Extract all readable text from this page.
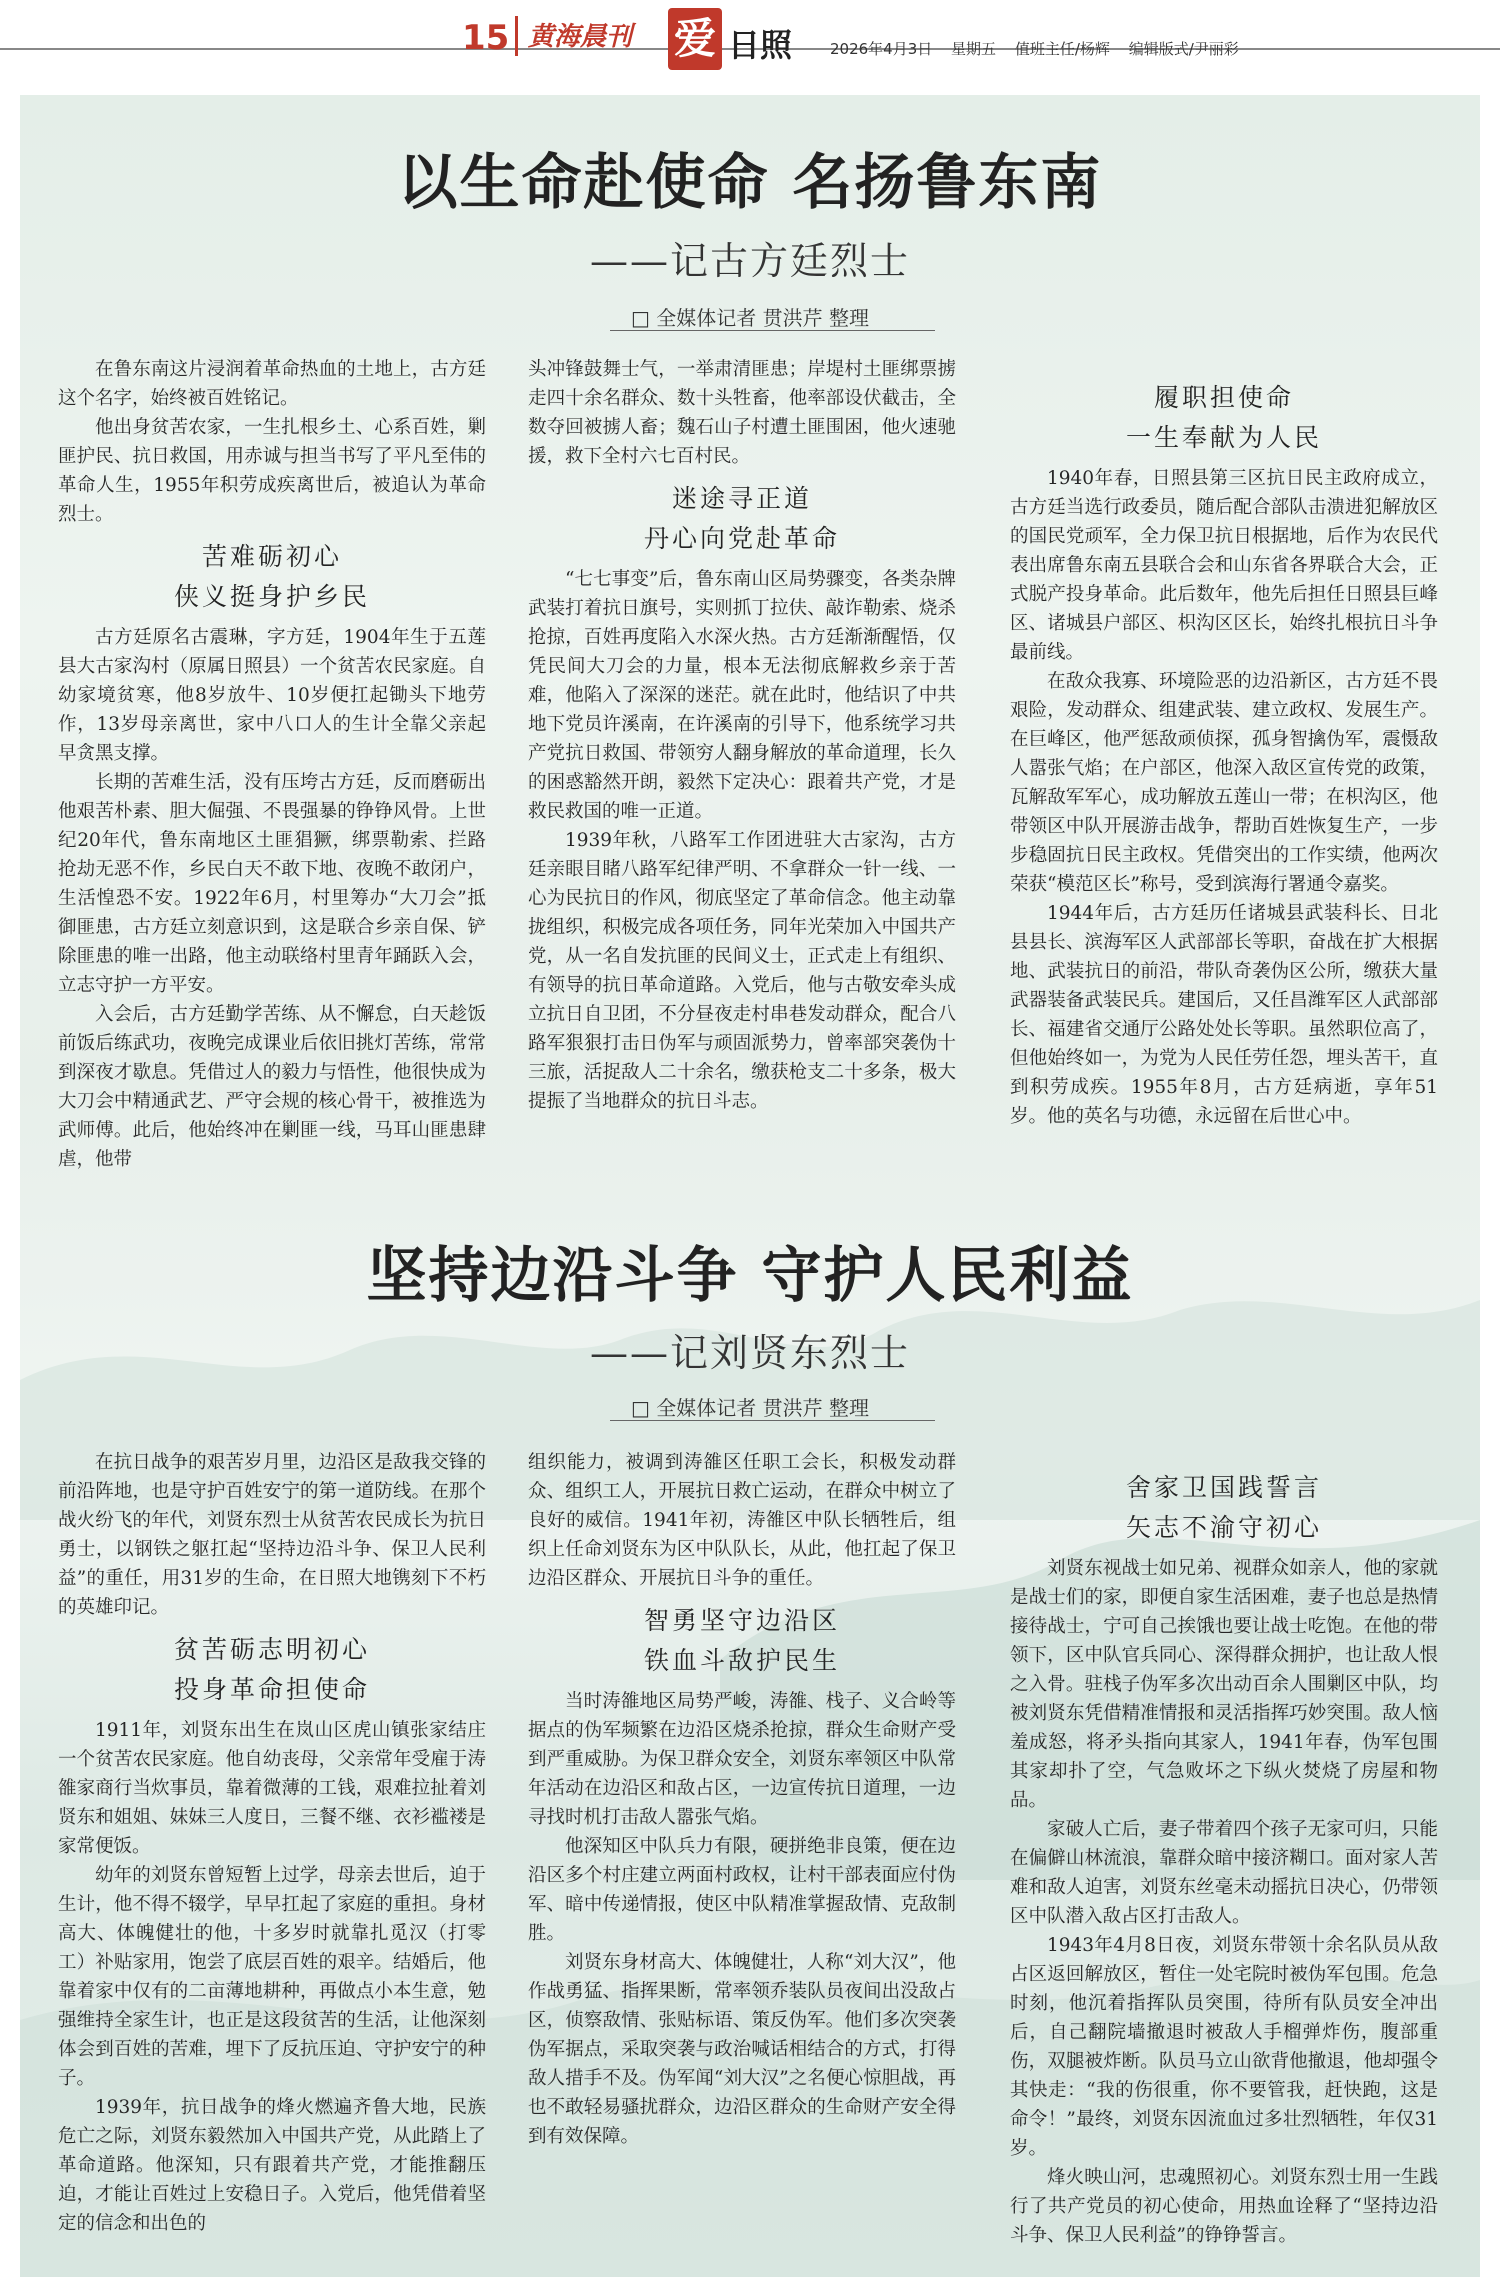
15 黄海晨刊 爱 日照	2026年4月3日 星期五 值班主任/杨辉 编辑版式/尹丽彩
以生命赴使命 名扬鲁东南
——记古方廷烈士
□ 全媒体记者 贯洪芹 整理

在鲁东南这片浸润着革命热血的土地上，古方廷这个名字，始终被百姓铭记。

他出身贫苦农家，一生扎根乡土、心系百姓，剿匪护民、抗日救国，用赤诚与担当书写了平凡至伟的革命人生，1955年积劳成疾离世后，被追认为革命烈士。

苦难砺初心
侠义挺身护乡民

古方廷原名古震琳，字方廷，1904年生于五莲县大古家沟村（原属日照县）一个贫苦农民家庭。自幼家境贫寒，他8岁放牛、10岁便扛起锄头下地劳作，13岁母亲离世，家中八口人的生计全靠父亲起早贪黑支撑。

长期的苦难生活，没有压垮古方廷，反而磨砺出他艰苦朴素、胆大倔强、不畏强暴的铮铮风骨。上世纪20年代，鲁东南地区土匪猖獗，绑票勒索、拦路抢劫无恶不作，乡民白天不敢下地、夜晚不敢闭户，生活惶恐不安。1922年6月，村里筹办“大刀会”抵御匪患，古方廷立刻意识到，这是联合乡亲自保、铲除匪患的唯一出路，他主动联络村里青年踊跃入会，立志守护一方平安。

入会后，古方廷勤学苦练、从不懈怠，白天趁饭前饭后练武功，夜晚完成课业后依旧挑灯苦练，常常到深夜才歇息。凭借过人的毅力与悟性，他很快成为大刀会中精通武艺、严守会规的核心骨干，被推选为武师傅。此后，他始终冲在剿匪一线，马耳山匪患肆虐，他带

头冲锋鼓舞士气，一举肃清匪患；岸堤村土匪绑票掳走四十余名群众、数十头牲畜，他率部设伏截击，全数夺回被掳人畜；魏石山子村遭土匪围困，他火速驰援，救下全村六七百村民。

迷途寻正道
丹心向党赴革命

“七七事变”后，鲁东南山区局势骤变，各类杂牌武装打着抗日旗号，实则抓丁拉伕、敲诈勒索、烧杀抢掠，百姓再度陷入水深火热。古方廷渐渐醒悟，仅凭民间大刀会的力量，根本无法彻底解救乡亲于苦难，他陷入了深深的迷茫。就在此时，他结识了中共地下党员许溪南，在许溪南的引导下，他系统学习共产党抗日救国、带领穷人翻身解放的革命道理，长久的困惑豁然开朗，毅然下定决心：跟着共产党，才是救民救国的唯一正道。

1939年秋，八路军工作团进驻大古家沟，古方廷亲眼目睹八路军纪律严明、不拿群众一针一线、一心为民抗日的作风，彻底坚定了革命信念。他主动靠拢组织，积极完成各项任务，同年光荣加入中国共产党，从一名自发抗匪的民间义士，正式走上有组织、有领导的抗日革命道路。入党后，他与古敬安牵头成立抗日自卫团，不分昼夜走村串巷发动群众，配合八路军狠狠打击日伪军与顽固派势力，曾率部突袭伪十三旅，活捉敌人二十余名，缴获枪支二十多条，极大提振了当地群众的抗日斗志。

履职担使命
一生奉献为人民

1940年春，日照县第三区抗日民主政府成立，古方廷当选行政委员，随后配合部队击溃进犯解放区的国民党顽军，全力保卫抗日根据地，后作为农民代表出席鲁东南五县联合会和山东省各界联合大会，正式脱产投身革命。此后数年，他先后担任日照县巨峰区、诸城县户部区、枳沟区区长，始终扎根抗日斗争最前线。

在敌众我寡、环境险恶的边沿新区，古方廷不畏艰险，发动群众、组建武装、建立政权、发展生产。在巨峰区，他严惩敌顽侦探，孤身智擒伪军，震慑敌人嚣张气焰；在户部区，他深入敌区宣传党的政策，瓦解敌军军心，成功解放五莲山一带；在枳沟区，他带领区中队开展游击战争，帮助百姓恢复生产，一步步稳固抗日民主政权。凭借突出的工作实绩，他两次荣获“模范区长”称号，受到滨海行署通令嘉奖。

1944年后，古方廷历任诸城县武装科长、日北县县长、滨海军区人武部部长等职，奋战在扩大根据地、武装抗日的前沿，带队奇袭伪区公所，缴获大量武器装备武装民兵。建国后，又任昌潍军区人武部部长、福建省交通厅公路处处长等职。虽然职位高了，但他始终如一，为党为人民任劳任怨，埋头苦干，直到积劳成疾。1955年8月，古方廷病逝，享年51岁。他的英名与功德，永远留在后世心中。

坚持边沿斗争 守护人民利益
——记刘贤东烈士
□ 全媒体记者 贯洪芹 整理

在抗日战争的艰苦岁月里，边沿区是敌我交锋的前沿阵地，也是守护百姓安宁的第一道防线。在那个战火纷飞的年代，刘贤东烈士从贫苦农民成长为抗日勇士，以钢铁之躯扛起“坚持边沿斗争、保卫人民利益”的重任，用31岁的生命，在日照大地镌刻下不朽的英雄印记。

贫苦砺志明初心
投身革命担使命

1911年，刘贤东出生在岚山区虎山镇张家结庄一个贫苦农民家庭。他自幼丧母，父亲常年受雇于涛雒家商行当炊事员，靠着微薄的工钱，艰难拉扯着刘贤东和姐姐、妹妹三人度日，三餐不继、衣衫褴褛是家常便饭。

幼年的刘贤东曾短暂上过学，母亲去世后，迫于生计，他不得不辍学，早早扛起了家庭的重担。身材高大、体魄健壮的他，十多岁时就靠扎觅汉（打零工）补贴家用，饱尝了底层百姓的艰辛。结婚后，他靠着家中仅有的二亩薄地耕种，再做点小本生意，勉强维持全家生计，也正是这段贫苦的生活，让他深刻体会到百姓的苦难，埋下了反抗压迫、守护安宁的种子。

1939年，抗日战争的烽火燃遍齐鲁大地，民族危亡之际，刘贤东毅然加入中国共产党，从此踏上了革命道路。他深知，只有跟着共产党，才能推翻压迫，才能让百姓过上安稳日子。入党后，他凭借着坚定的信念和出色的

组织能力，被调到涛雒区任职工会长，积极发动群众、组织工人，开展抗日救亡运动，在群众中树立了良好的威信。1941年初，涛雒区中队长牺牲后，组织上任命刘贤东为区中队队长，从此，他扛起了保卫边沿区群众、开展抗日斗争的重任。

智勇坚守边沿区
铁血斗敌护民生

当时涛雒地区局势严峻，涛雒、栈子、义合岭等据点的伪军频繁在边沿区烧杀抢掠，群众生命财产受到严重威胁。为保卫群众安全，刘贤东率领区中队常年活动在边沿区和敌占区，一边宣传抗日道理，一边寻找时机打击敌人嚣张气焰。

他深知区中队兵力有限，硬拼绝非良策，便在边沿区多个村庄建立两面村政权，让村干部表面应付伪军、暗中传递情报，使区中队精准掌握敌情、克敌制胜。

刘贤东身材高大、体魄健壮，人称“刘大汉”，他作战勇猛、指挥果断，常率领乔装队员夜间出没敌占区，侦察敌情、张贴标语、策反伪军。他们多次突袭伪军据点，采取突袭与政治喊话相结合的方式，打得敌人措手不及。伪军闻“刘大汉”之名便心惊胆战，再也不敢轻易骚扰群众，边沿区群众的生命财产安全得到有效保障。

舍家卫国践誓言
矢志不渝守初心

刘贤东视战士如兄弟、视群众如亲人，他的家就是战士们的家，即便自家生活困难，妻子也总是热情接待战士，宁可自己挨饿也要让战士吃饱。在他的带领下，区中队官兵同心、深得群众拥护，也让敌人恨之入骨。驻栈子伪军多次出动百余人围剿区中队，均被刘贤东凭借精准情报和灵活指挥巧妙突围。敌人恼羞成怒，将矛头指向其家人，1941年春，伪军包围其家却扑了空，气急败坏之下纵火焚烧了房屋和物品。

家破人亡后，妻子带着四个孩子无家可归，只能在偏僻山林流浪，靠群众暗中接济糊口。面对家人苦难和敌人迫害，刘贤东丝毫未动摇抗日决心，仍带领区中队潜入敌占区打击敌人。

1943年4月8日夜，刘贤东带领十余名队员从敌占区返回解放区，暂住一处宅院时被伪军包围。危急时刻，他沉着指挥队员突围，待所有队员安全冲出后，自己翻院墙撤退时被敌人手榴弹炸伤，腹部重伤，双腿被炸断。队员马立山欲背他撤退，他却强令其快走：“我的伤很重，你不要管我，赶快跑，这是命令！”最终，刘贤东因流血过多壮烈牺牲，年仅31岁。

烽火映山河，忠魂照初心。刘贤东烈士用一生践行了共产党员的初心使命，用热血诠释了“坚持边沿斗争、保卫人民利益”的铮铮誓言。
